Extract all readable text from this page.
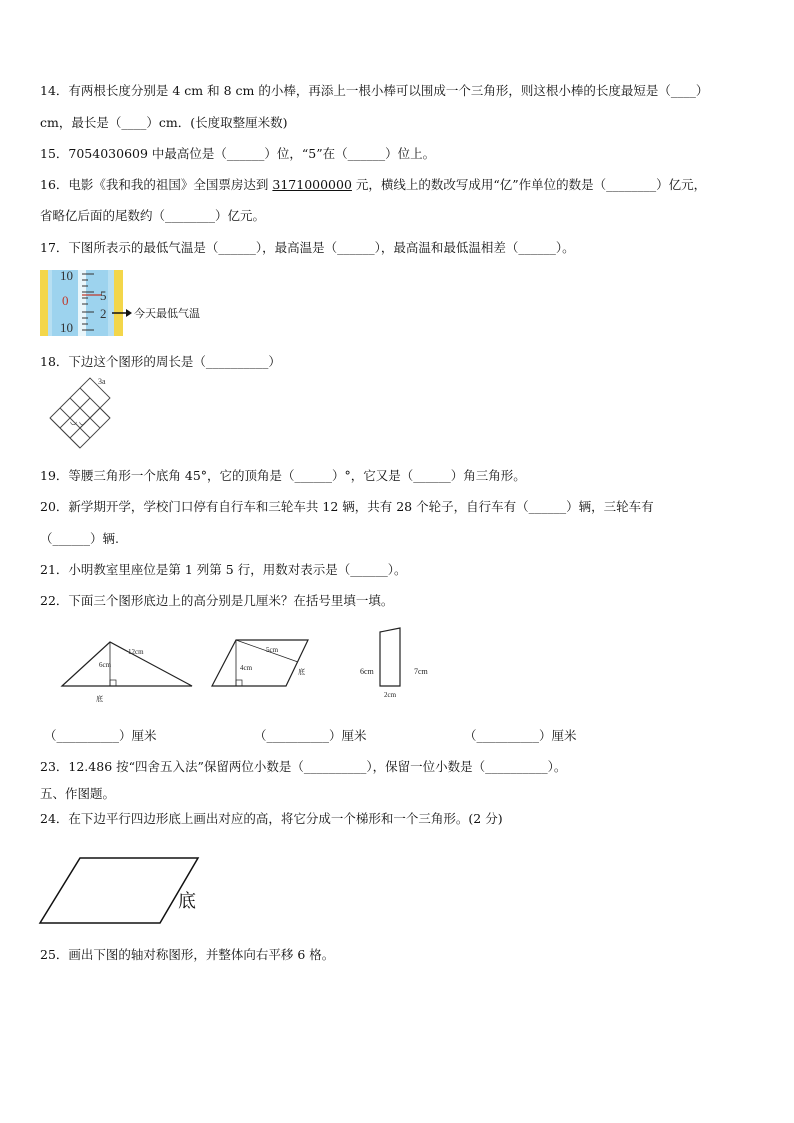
14．有两根长度分别是 4 cm 和 8 cm 的小棒，再添上一根小棒可以围成一个三角形，则这根小棒的长度最短是（____）
cm，最长是（____）cm．(长度取整厘米数)
15．7054030609 中最高位是（______）位，“5”在（______）位上。
16．电影《我和我的祖国》全国票房达到 3171000000 元，横线上的数改写成用“亿”作单位的数是（________）亿元，
省略亿后面的尾数约（________）亿元。
17．下图所表示的最低气温是（______），最高温是（______），最高温和最低温相差（______）。
10
0
10
5
2	今天最低气温
18．下边这个图形的周长是（__________）
3a
◡ ◡
19．等腰三角形一个底角 45°，它的顶角是（______）°，它又是（______）角三角形。
20．新学期开学，学校门口停有自行车和三轮车共 12 辆，共有 28 个轮子，自行车有（______）辆，三轮车有
（______）辆.
21．小明教室里座位是第 1 列第 5 行，用数对表示是（______）。
22．下面三个图形底边上的高分别是几厘米？在括号里填一填。
12cm
6cm
底
5cm
4cm	底	6cm	7cm
2cm
（__________）厘米	（__________）厘米	（__________）厘米
23．12.486 按“四舍五入法”保留两位小数是（__________），保留一位小数是（__________）。
五、作图题。
24．在下边平行四边形底上画出对应的高，将它分成一个梯形和一个三角形。(2 分)
底
25．画出下图的轴对称图形，并整体向右平移 6 格。
